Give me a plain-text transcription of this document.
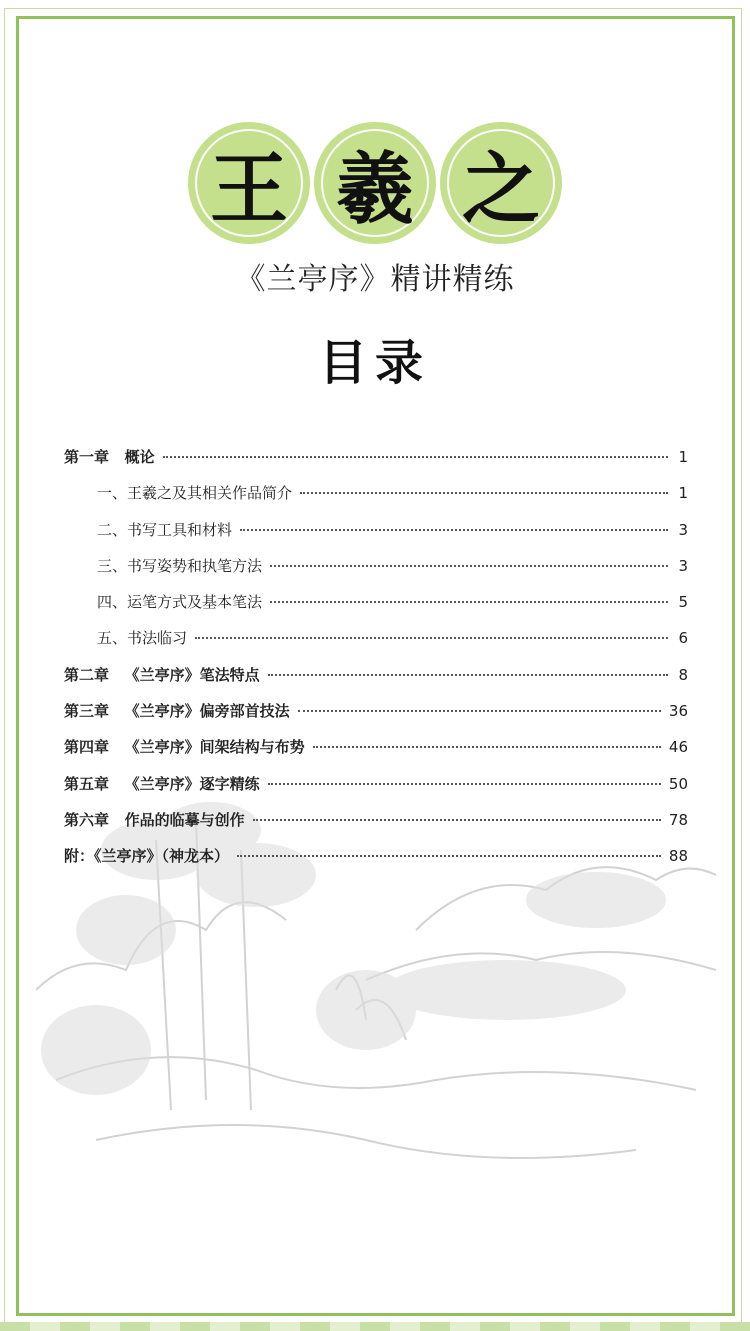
王 羲 之
《兰亭序》精讲精练
目录
第一章   概论	1
一、王羲之及其相关作品简介	1
二、书写工具和材料	3
三、书写姿势和执笔方法	3
四、运笔方式及基本笔法	5
五、书法临习	6
第二章   《兰亭序》笔法特点	8
第三章   《兰亭序》偏旁部首技法	36
第四章   《兰亭序》间架结构与布势	46
第五章   《兰亭序》逐字精练	50
第六章   作品的临摹与创作	78
附：《兰亭序》（神龙本）	88
